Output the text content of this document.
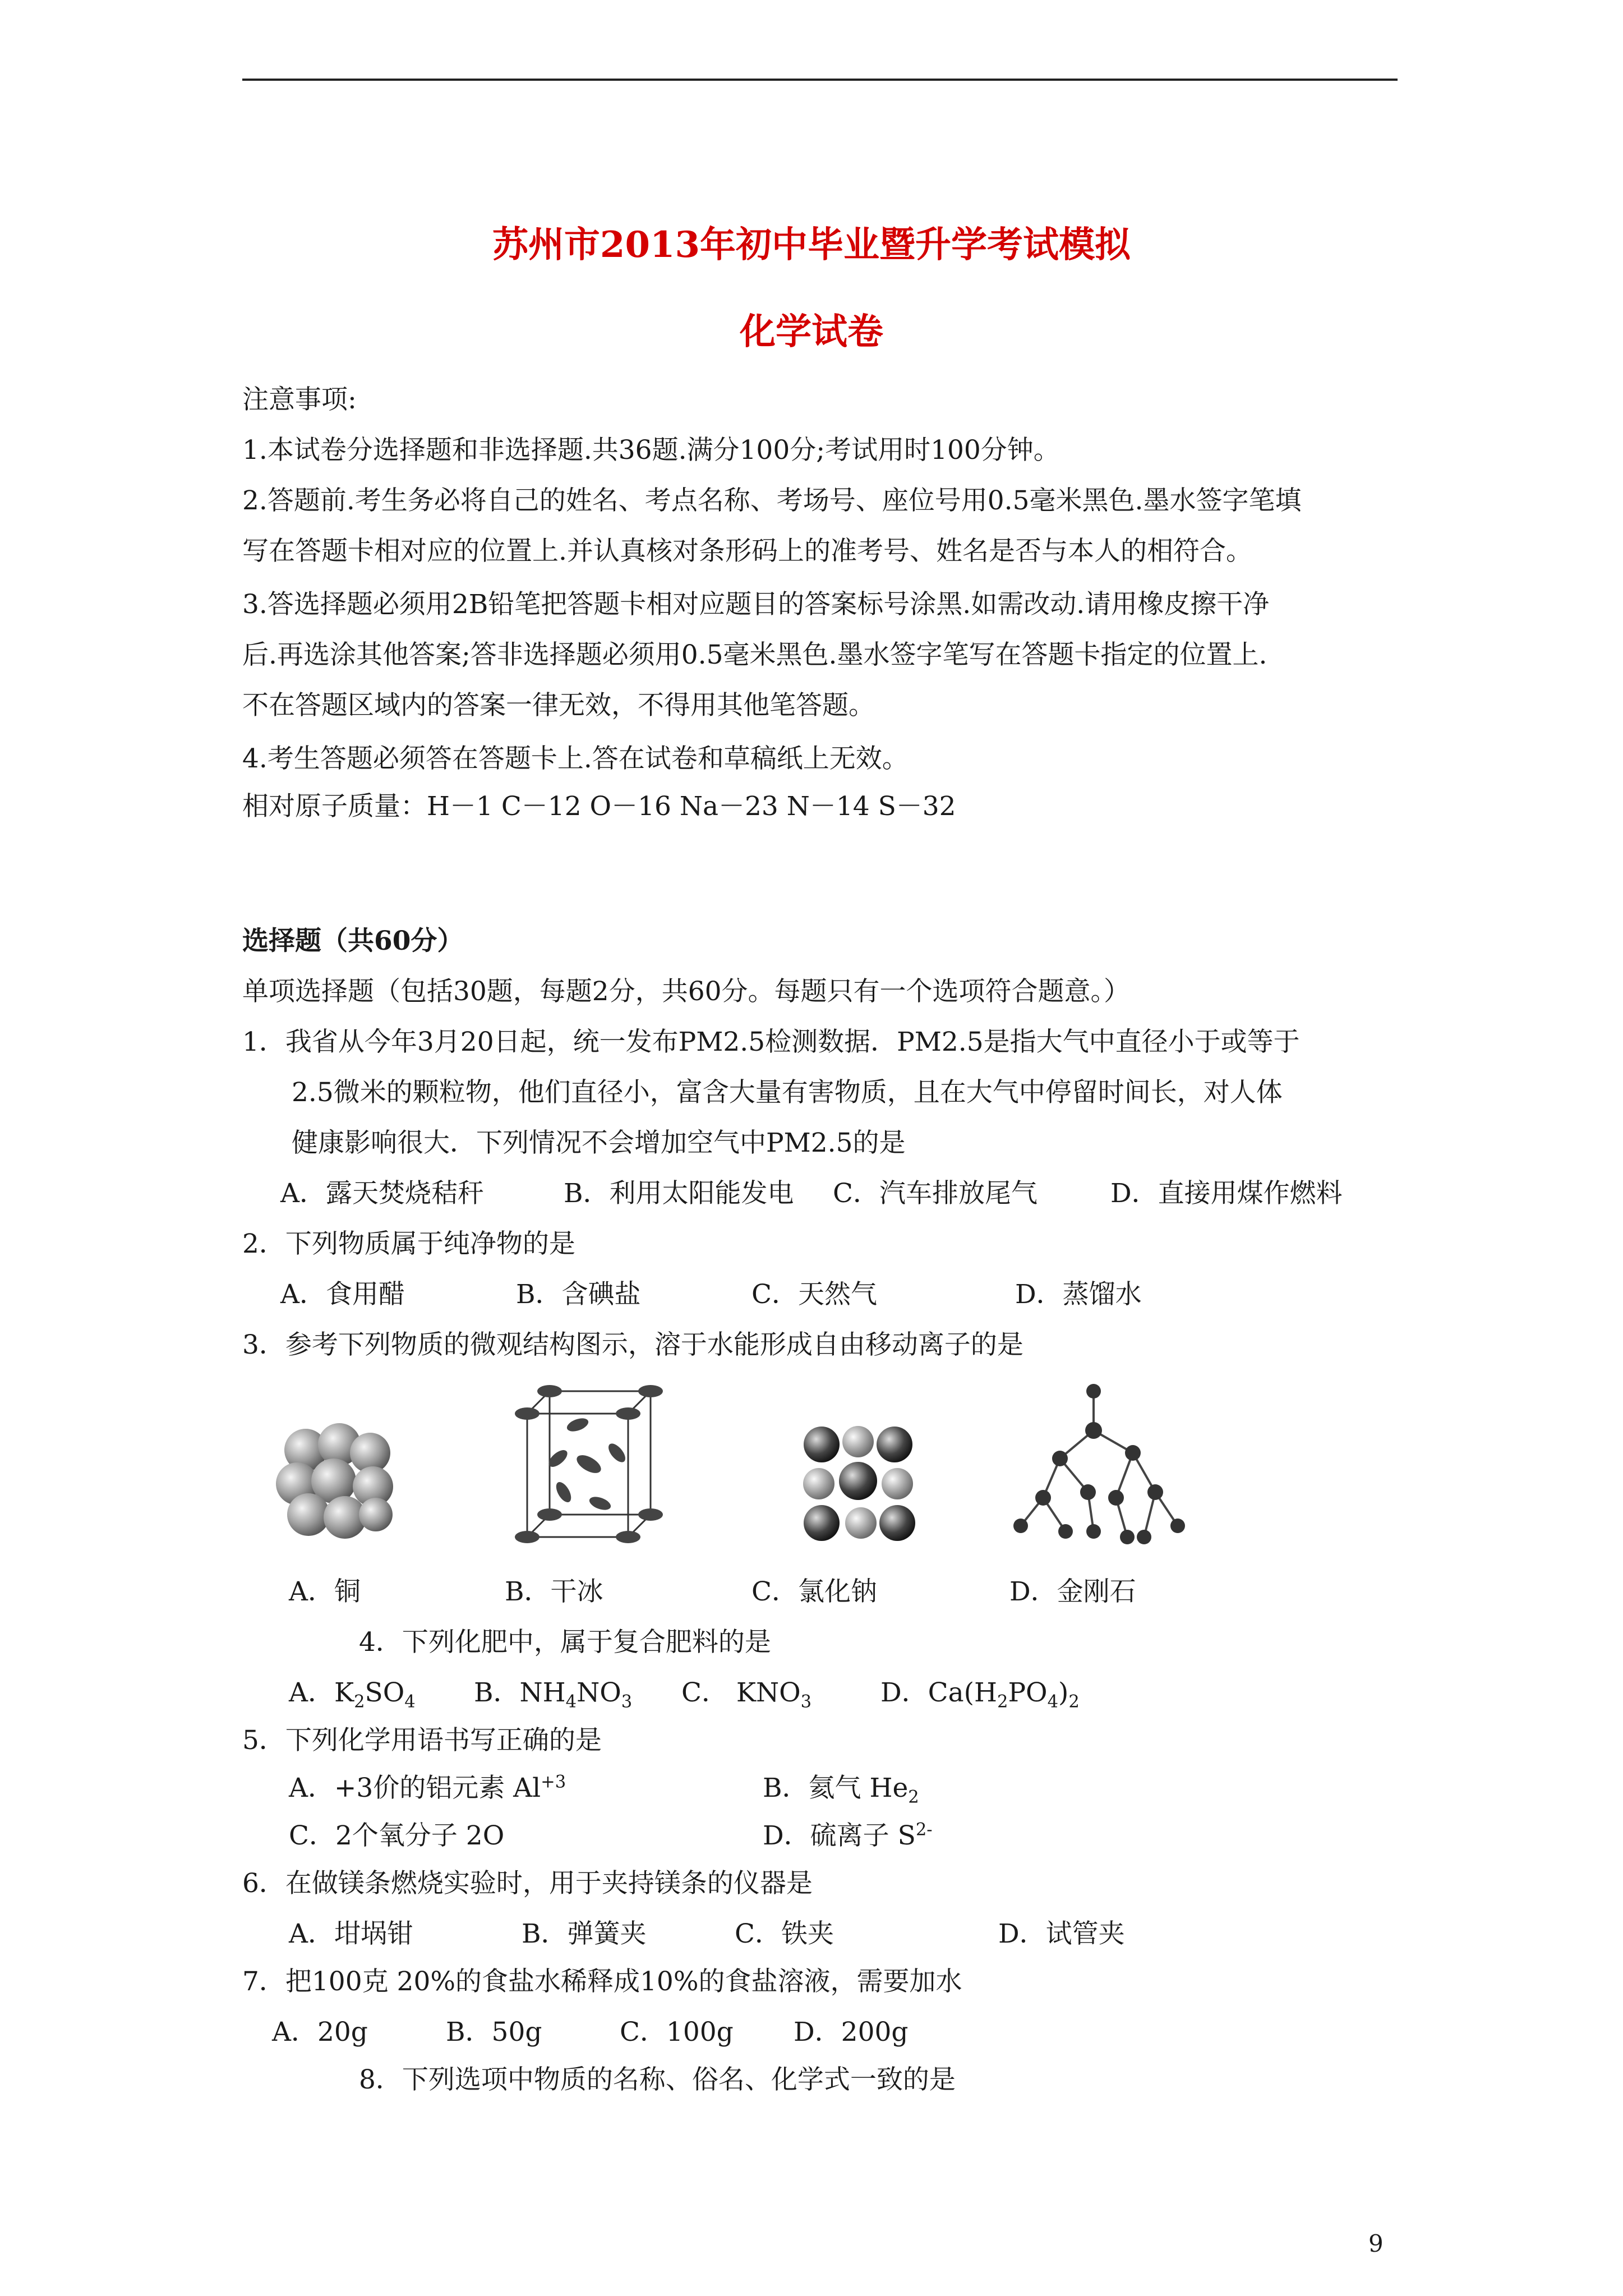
苏州市2013年初中毕业暨升学考试模拟
化学试卷
注意事项:
1.本试卷分选择题和非选择题.共36题.满分100分;考试用时100分钟。
2.答题前.考生务必将自己的姓名、考点名称、考场号、座位号用0.5毫米黑色.墨水签字笔填
写在答题卡相对应的位置上.并认真核对条形码上的准考号、姓名是否与本人的相符合。
3.答选择题必须用2B铅笔把答题卡相对应题目的答案标号涂黑.如需改动.请用橡皮擦干净
后.再选涂其他答案;答非选择题必须用0.5毫米黑色.墨水签字笔写在答题卡指定的位置上.
不在答题区域内的答案一律无效，不得用其他笔答题。
4.考生答题必须答在答题卡上.答在试卷和草稿纸上无效。
相对原子质量：H－1 C－12 O－16 Na－23 N－14 S－32
选择题（共60分）
单项选择题（包括30题，每题2分，共60分。每题只有一个选项符合题意。）
1．我省从今年3月20日起，统一发布PM2.5检测数据．PM2.5是指大气中直径小于或等于
2.5微米的颗粒物，他们直径小，富含大量有害物质，且在大气中停留时间长，对人体
健康影响很大．下列情况不会增加空气中PM2.5的是
A．露天焚烧秸秆	B．利用太阳能发电 C．汽车排放尾气	D．直接用煤作燃料
2．下列物质属于纯净物的是
A．食用醋	B．含碘盐	C．天然气	D．蒸馏水
3．参考下列物质的微观结构图示，溶于水能形成自由移动离子的是
A．铜	B．干冰	C．氯化钠	D．金刚石
4．下列化肥中，属于复合肥料的是
A．$K_2SO_4$ B．$NH_4NO_3$ C． $KNO_3$	D．$Ca(H_2PO_4)_2$
5．下列化学用语书写正确的是
A．+3价的铝元素 $Al^{+3}$	B．氦气 $He_2$
C．2个氧分子 2O	D．硫离子 $S^{2-}$
6．在做镁条燃烧实验时，用于夹持镁条的仪器是
A．坩埚钳	B．弹簧夹	C．铁夹	D．试管夹
7．把100克 20%的食盐水稀释成10%的食盐溶液，需要加水
A．20g	B．50g	C．100g D．200g
8．下列选项中物质的名称、俗名、化学式一致的是
9
